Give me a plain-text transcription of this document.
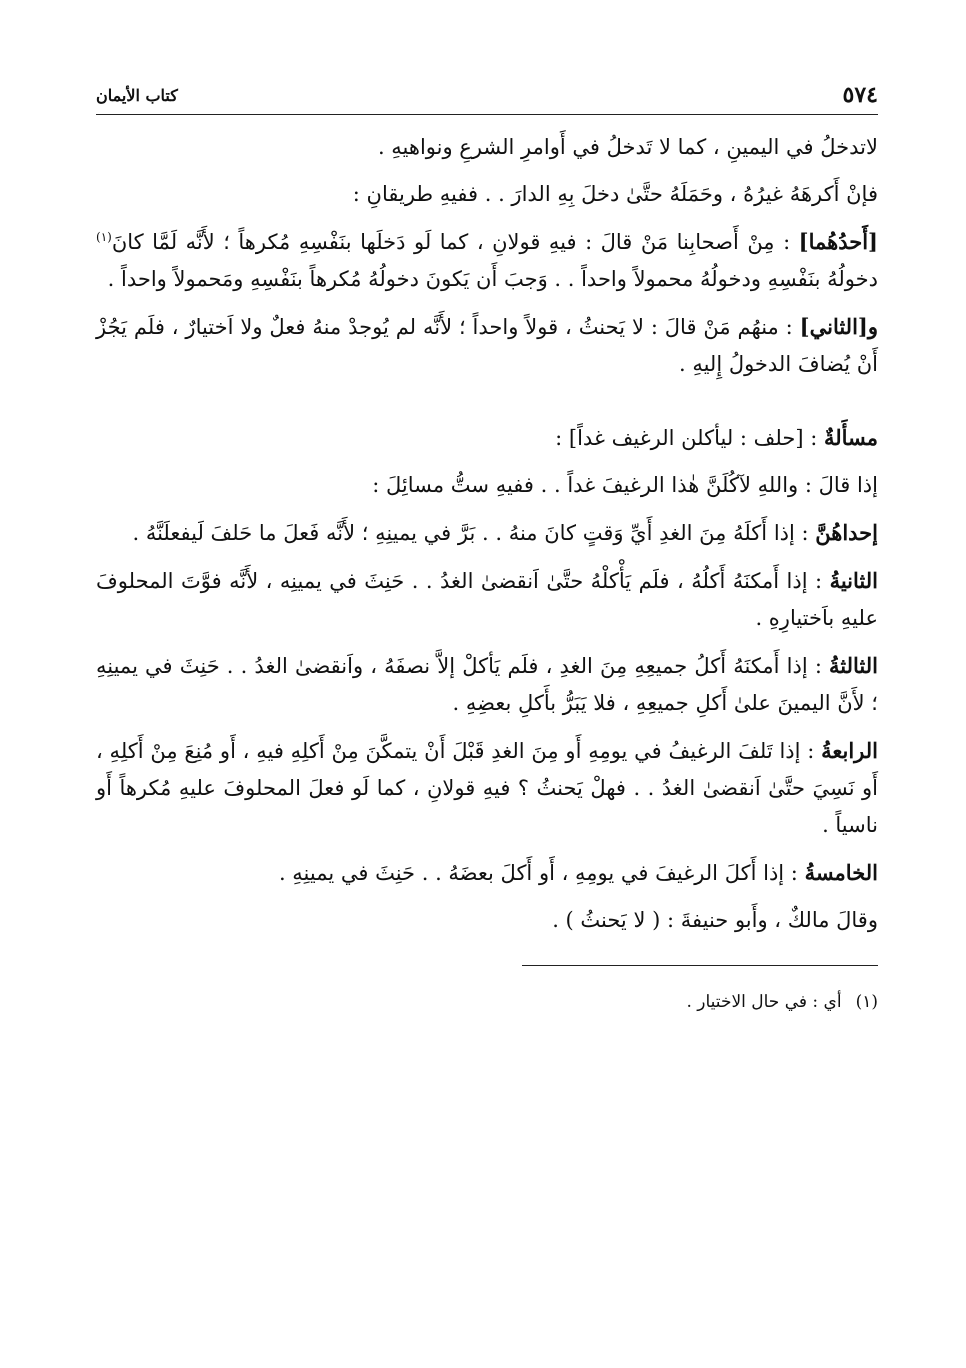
٥٧٤
كتاب الأيمان

لاتدخلُ في اليمينِ ، كما لا تَدخلُ في أَوامرِ الشرعِ ونواهيهِ .

فإنْ أَكرهَهُ غيرُهُ ، وحَمَلَهُ حتَّىٰ دخلَ بِهِ الدارَ . . ففيهِ طريقانِ :

[أَحدُهُما] : مِنْ أَصحابِنا مَنْ قالَ : فيهِ قولانِ ، كما لَو دَخلَها بنَفْسِهِ مُكرهاً ؛ لأَنَّه لَمَّا كانَ$^{(١)}$ دخولُهُ بنَفْسِهِ ودخولُهُ محمولاً واحداً . . وَجبَ أَن يَكونَ دخولُهُ مُكرهاً بنَفْسِهِ ومَحمولاً واحداً .

و[الثاني] : منهُم مَنْ قالَ : لا يَحنثُ ، قولاً واحداً ؛ لأَنَّه لم يُوجدْ منهُ فعلٌ ولا اَختيارٌ ، فلَم يَجُزْ أَنْ يُضافَ الدخولُ إِليهِ .

مسأَلةٌ : [حلف : ليأكلن الرغيف غداً] :

إذا قالَ : واللهِ لآكُلَنَّ هٰذا الرغيفَ غداً . . ففيهِ ستُّ مسائِلَ :

إحداهُنَّ : إذا أَكلَهُ مِنَ الغدِ أَيِّ وَقتٍ كانَ منهُ . . بَرَّ في يمينِهِ ؛ لأَنَّه فَعلَ ما حَلفَ لَيفعلَنَّهُ .

الثانيةُ : إذا أَمكنَهُ أَكلُهُ ، فلَم يَأْكلْهُ حتَّىٰ اَنقضىٰ الغدُ . . حَنِثَ في يمينِه ، لأَنَّه فوَّتَ المحلوفَ عليهِ باَختيارِهِ .

الثالثةُ : إذا أَمكنَهُ أَكلُ جميعِهِ مِنَ الغدِ ، فلَم يَأكلْ إلاَّ نصفَهُ ، واَنقضىٰ الغدُ . . حَنِثَ في يمينِهِ ؛ لأَنَّ اليمينَ علىٰ أَكلِ جميعِهِ ، فلا يَبَرُّ بأَكلِ بعضِهِ .

الرابعةُ : إذا تَلفَ الرغيفُ في يومِهِ أَو مِنَ الغدِ قَبْلَ أَنْ يتمكَّنَ مِنْ أَكلِهِ فيهِ ، أَو مُنِعَ مِنْ أَكلِهِ ، أَو نَسِيَ حتَّىٰ اَنقضىٰ الغدُ . . فهلْ يَحنثُ ؟ فيهِ قولانِ ، كما لَو فعلَ المحلوفَ عليهِ مُكرهاً أَو ناسياً .

الخامسةُ : إذا أَكلَ الرغيفَ في يومِهِ ، أَو أَكلَ بعضَهُ . . حَنِثَ في يمينِهِ .

وقالَ مالكٌ ، وأَبو حنيفةَ : ( لا يَحنثُ ) .

(١)أي : في حال الاختيار .
